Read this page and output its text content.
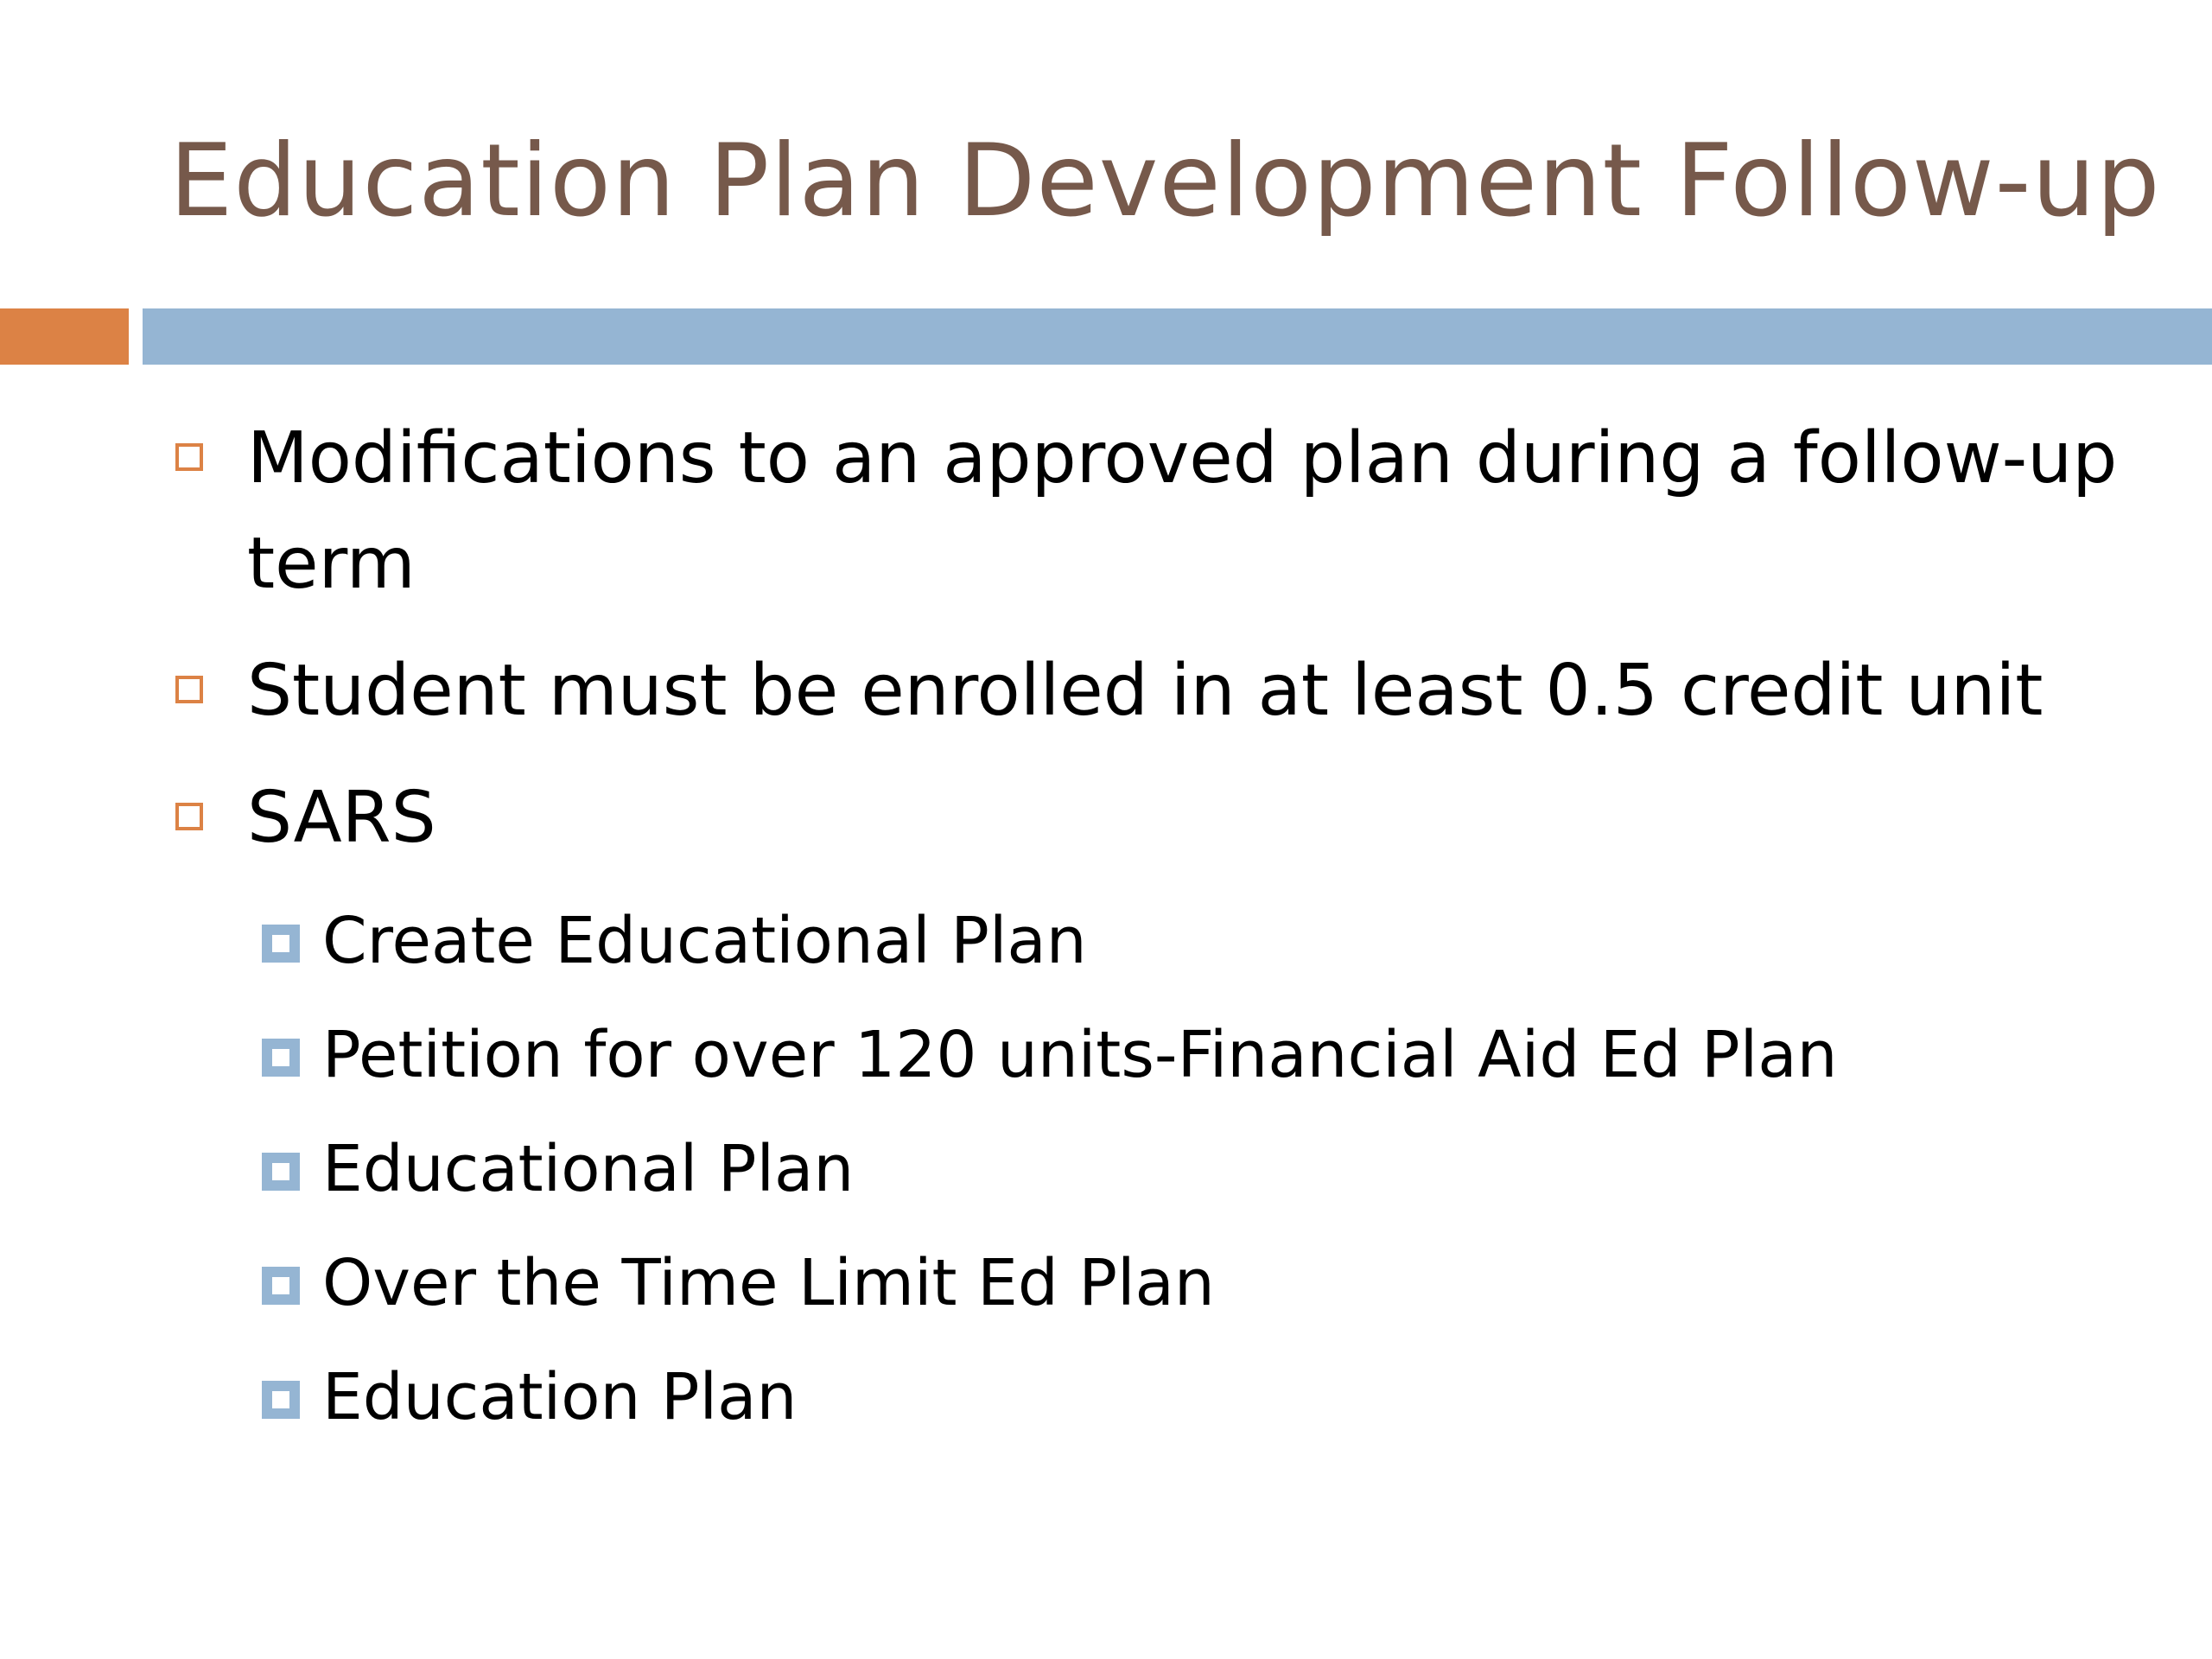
Education Plan Development Follow-up
Modifications to an approved plan during a follow-up term
Student must be enrolled in at least 0.5 credit unit
SARS
Create Educational Plan
Petition for over 120 units-Financial Aid Ed Plan
Educational Plan
Over the Time Limit Ed Plan
Education Plan
